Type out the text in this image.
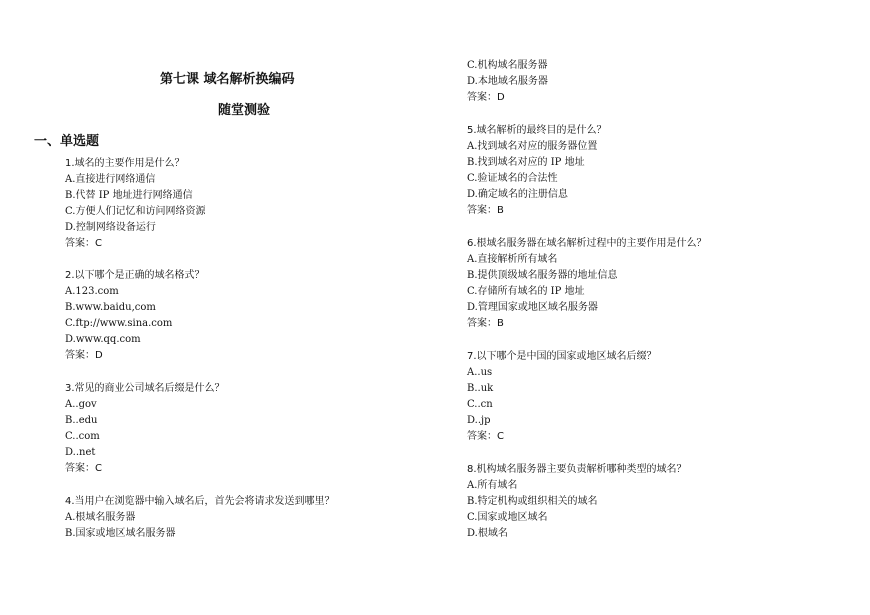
第七课 域名解析换编码
随堂测验
一、单选题
1.域名的主要作用是什么？
A.直接进行网络通信
B.代替 IP 地址进行网络通信
C.方便人们记忆和访问网络资源
D.控制网络设备运行
答案：C
2.以下哪个是正确的域名格式？
A.123.com
B.www.baidu,com
C.ftp://www.sina.com
D.www.qq.com
答案：D
3.常见的商业公司域名后缀是什么？
A..gov
B..edu
C..com
D..net
答案：C
4.当用户在浏览器中输入域名后，首先会将请求发送到哪里？
A.根域名服务器
B.国家或地区域名服务器
C.机构域名服务器
D.本地域名服务器
答案：D
5.域名解析的最终目的是什么？
A.找到域名对应的服务器位置
B.找到域名对应的 IP 地址
C.验证域名的合法性
D.确定域名的注册信息
答案：B
6.根域名服务器在域名解析过程中的主要作用是什么？
A.直接解析所有域名
B.提供顶级域名服务器的地址信息
C.存储所有域名的 IP 地址
D.管理国家或地区域名服务器
答案：B
7.以下哪个是中国的国家或地区域名后缀？
A..us
B..uk
C..cn
D..jp
答案：C
8.机构域名服务器主要负责解析哪种类型的域名？
A.所有域名
B.特定机构或组织相关的域名
C.国家或地区域名
D.根域名
